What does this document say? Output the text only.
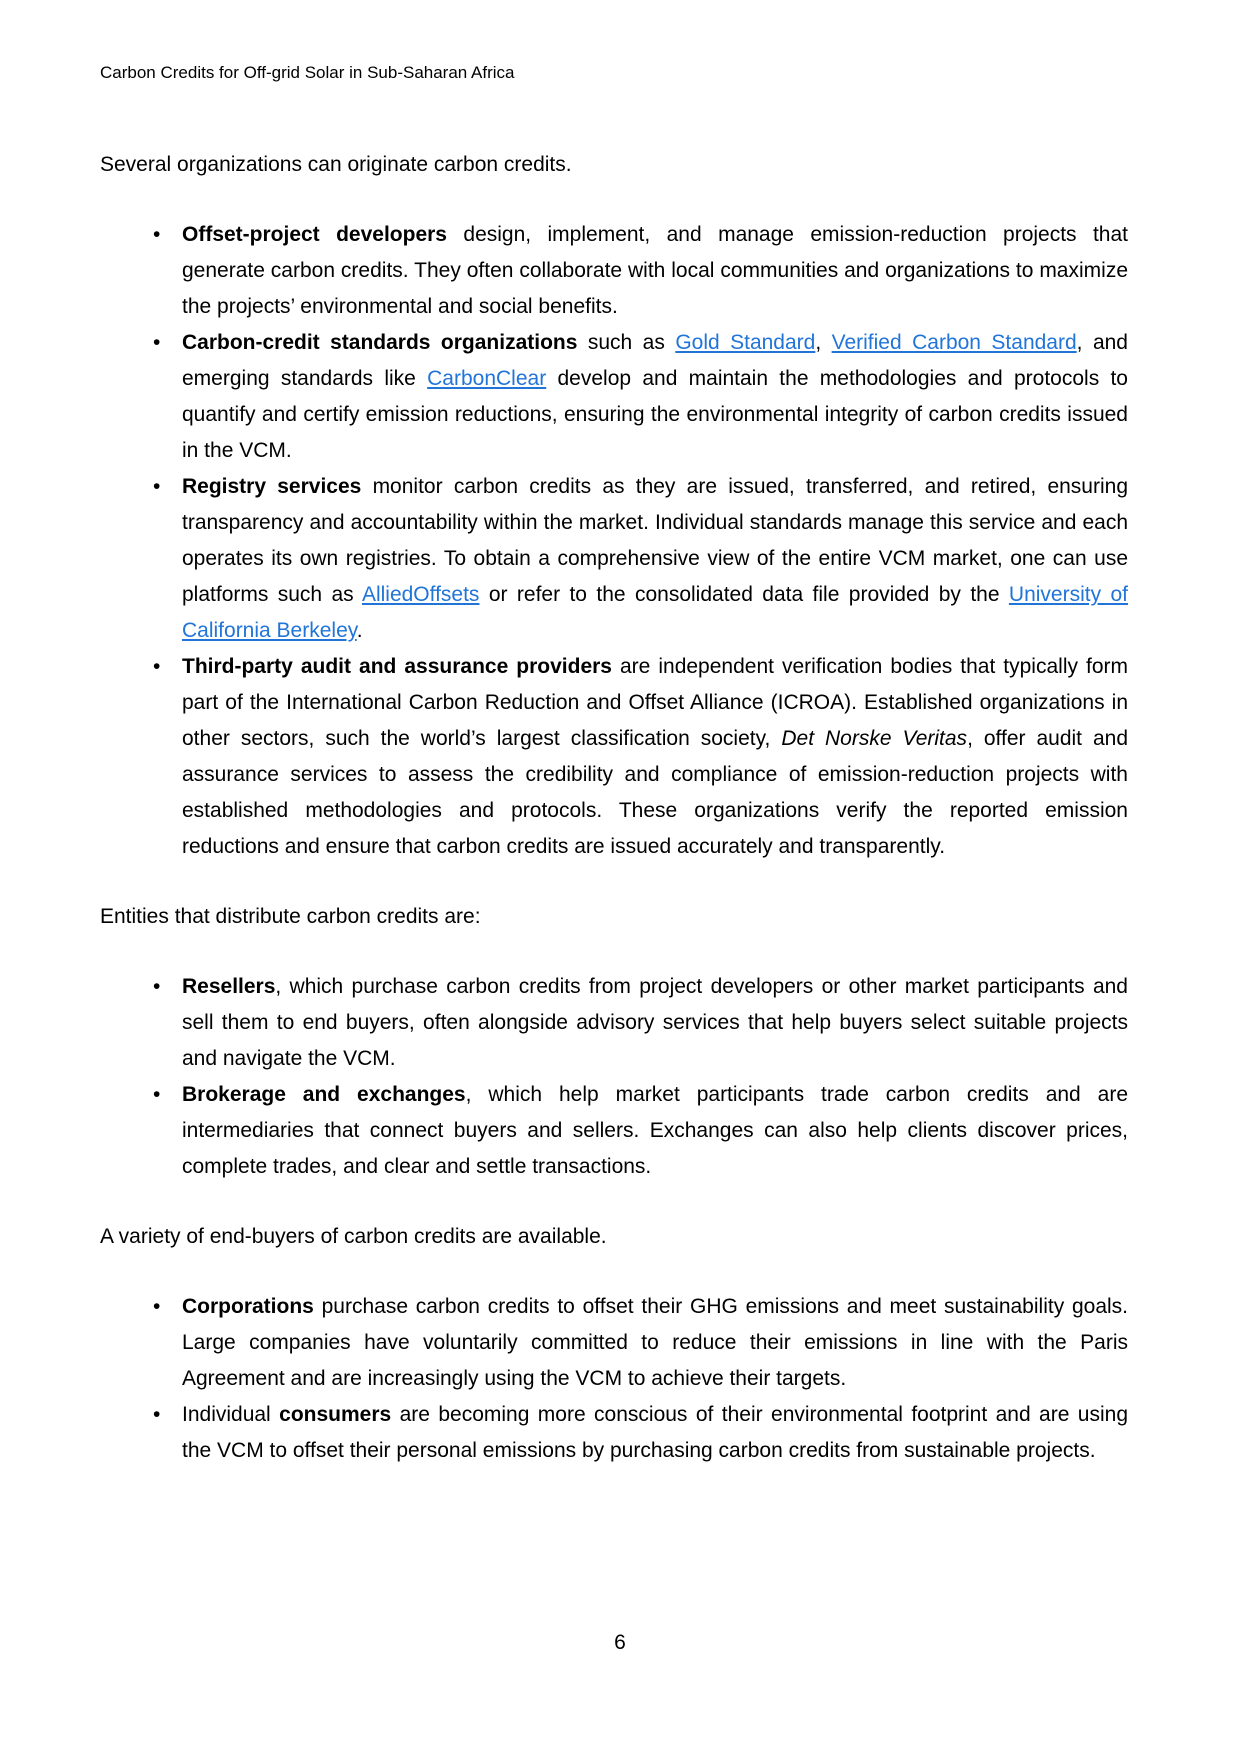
Carbon Credits for Off-grid Solar in Sub-Saharan Africa

Several organizations can originate carbon credits.

• Offset-project developers design, implement, and manage emission-reduction projects that generate carbon credits. They often collaborate with local communities and organizations to maximize the projects’ environmental and social benefits.
• Carbon-credit standards organizations such as Gold Standard, Verified Carbon Standard, and emerging standards like CarbonClear develop and maintain the methodologies and protocols to quantify and certify emission reductions, ensuring the environmental integrity of carbon credits issued in the VCM.
• Registry services monitor carbon credits as they are issued, transferred, and retired, ensuring transparency and accountability within the market. Individual standards manage this service and each operates its own registries. To obtain a comprehensive view of the entire VCM market, one can use platforms such as AlliedOffsets or refer to the consolidated data file provided by the University of California Berkeley.
• Third-party audit and assurance providers are independent verification bodies that typically form part of the International Carbon Reduction and Offset Alliance (ICROA). Established organizations in other sectors, such the world’s largest classification society, Det Norske Veritas, offer audit and assurance services to assess the credibility and compliance of emission-reduction projects with established methodologies and protocols. These organizations verify the reported emission reductions and ensure that carbon credits are issued accurately and transparently.

Entities that distribute carbon credits are:

• Resellers, which purchase carbon credits from project developers or other market participants and sell them to end buyers, often alongside advisory services that help buyers select suitable projects and navigate the VCM.
• Brokerage and exchanges, which help market participants trade carbon credits and are intermediaries that connect buyers and sellers. Exchanges can also help clients discover prices, complete trades, and clear and settle transactions.

A variety of end-buyers of carbon credits are available.

• Corporations purchase carbon credits to offset their GHG emissions and meet sustainability goals. Large companies have voluntarily committed to reduce their emissions in line with the Paris Agreement and are increasingly using the VCM to achieve their targets.
• Individual consumers are becoming more conscious of their environmental footprint and are using the VCM to offset their personal emissions by purchasing carbon credits from sustainable projects.
6
